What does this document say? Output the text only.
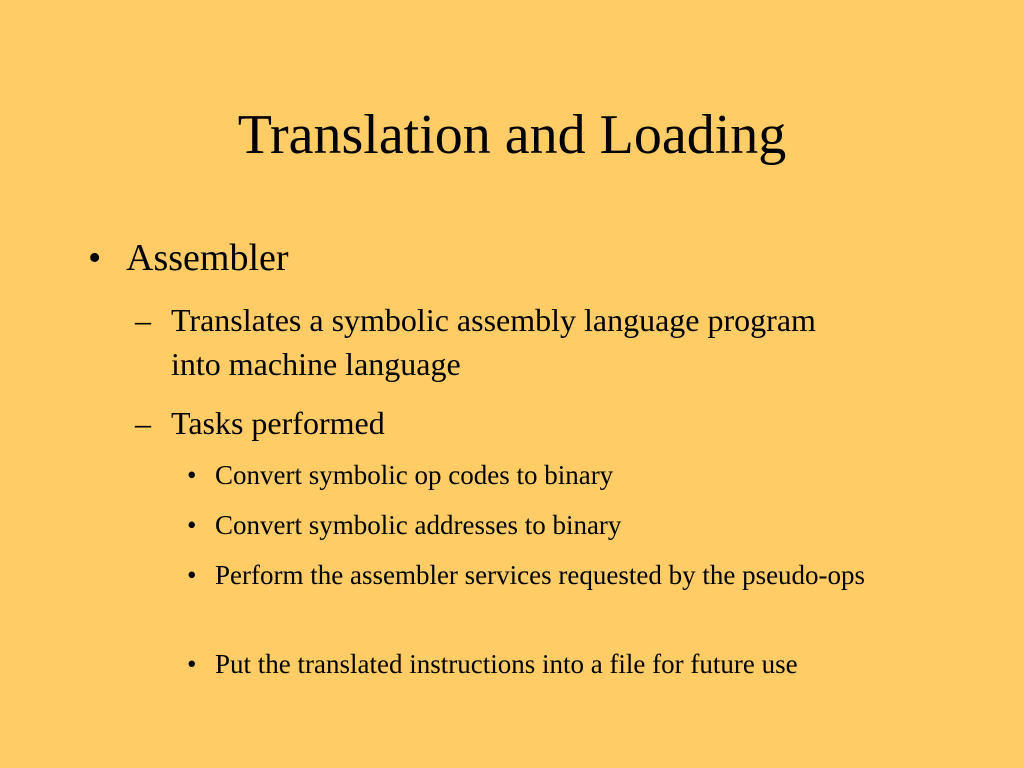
Translation and Loading
• Assembler
– Translates a symbolic assembly language program into machine language
– Tasks performed
• Convert symbolic op codes to binary
• Convert symbolic addresses to binary
• Perform the assembler services requested by the pseudo-ops
• Put the translated instructions into a file for future use
